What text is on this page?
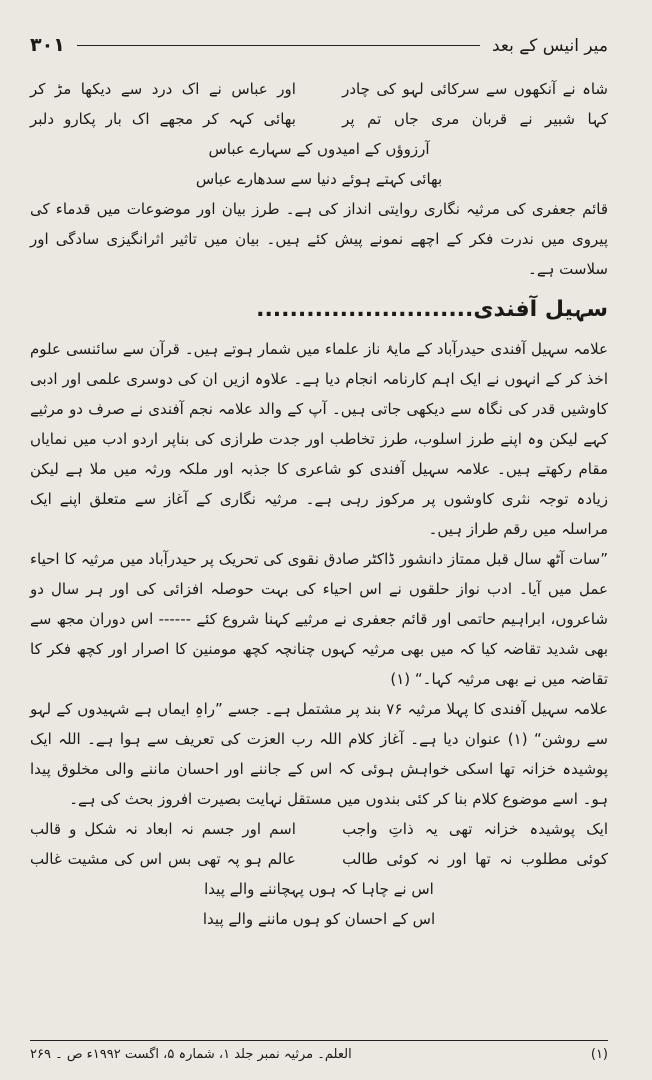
۳۰۱	میر انیس کے بعد
شاہ نے آنکھوں سے سرکائی لہو کی چادر
اور عباس نے اک درد سے دیکھا مڑ کر
کہا شبیر نے قربان مری جاں تم پر
بھائی کہہ کر مجھے اک بار پکارو دلبر
آرزوؤں کے امیدوں کے سہارے عباس
بھائی کہتے ہوئے دنیا سے سدھارے عباس

قائم جعفری کی مرثیہ نگاری روایتی انداز کی ہے۔ طرز بیان اور موضوعات میں قدماء کی پیروی میں ندرت فکر کے اچھے نمونے پیش کئے ہیں۔ بیان میں تاثیر اثرانگیزی سادگی اور سلاست ہے۔

سہیل آفندی..........................

علامہ سہیل آفندی حیدرآباد کے مایۂ ناز علماء میں شمار ہوتے ہیں۔ قرآن سے سائنسی علوم اخذ کر کے انہوں نے ایک اہم کارنامہ انجام دیا ہے۔ علاوہ ازیں ان کی دوسری علمی اور ادبی کاوشیں قدر کی نگاہ سے دیکھی جاتی ہیں۔ آپ کے والد علامہ نجم آفندی نے صرف دو مرثیے کہے لیکن وہ اپنے طرز اسلوب، طرز تخاطب اور جدت طرازی کی بناپر اردو ادب میں نمایاں مقام رکھتے ہیں۔ علامہ سہیل آفندی کو شاعری کا جذبہ اور ملکہ ورثہ میں ملا ہے لیکن زیادہ توجہ نثری کاوشوں پر مرکوز رہی ہے۔ مرثیہ نگاری کے آغاز سے متعلق اپنے ایک مراسلہ میں رقم طراز ہیں۔

”سات آٹھ سال قبل ممتاز دانشور ڈاکٹر صادق نقوی کی تحریک پر حیدرآباد میں مرثیہ کا احیاء عمل میں آیا۔ ادب نواز حلقوں نے اس احیاء کی بہت حوصلہ افزائی کی اور ہر سال دو شاعروں، ابراہیم حاتمی اور قائم جعفری نے مرثیے کہنا شروع کئے ------ اس دوران مجھ سے بھی شدید تقاضہ کیا کہ میں بھی مرثیہ کہوں چنانچہ کچھ مومنین کا اصرار اور کچھ فکر کا تقاضہ میں نے بھی مرثیہ کہا۔“ (۱)

علامہ سہیل آفندی کا پہلا مرثیہ ۷۶ بند پر مشتمل ہے۔ جسے ”راہِ ایماں ہے شہیدوں کے لہو سے روشن“ (۱) عنوان دیا ہے۔ آغاز کلام اللہ رب العزت کی تعریف سے ہوا ہے۔ اللہ ایک پوشیدہ خزانہ تھا اسکی خواہش ہوئی کہ اس کے جاننے اور احسان ماننے والی مخلوق پیدا ہو۔ اسے موضوع کلام بنا کر کئی بندوں میں مستقل نہایت بصیرت افروز بحث کی ہے۔

ایک پوشیدہ خزانہ تھی یہ ذاتِ واجب
اسم اور جسم نہ ابعاد نہ شکل و قالب
کوئی مطلوب نہ تھا اور نہ کوئی طالب
عالم ہو پہ تھی بس اس کی مشیت غالب
اس نے چاہا کہ ہوں پہچاننے والے پیدا
اس کے احسان کو ہوں ماننے والے پیدا
(۱)
العلم۔ مرثیہ نمبر جلد ۱، شمارہ ۵، اگست ۱۹۹۲ء ص ۔ ۲۶۹
